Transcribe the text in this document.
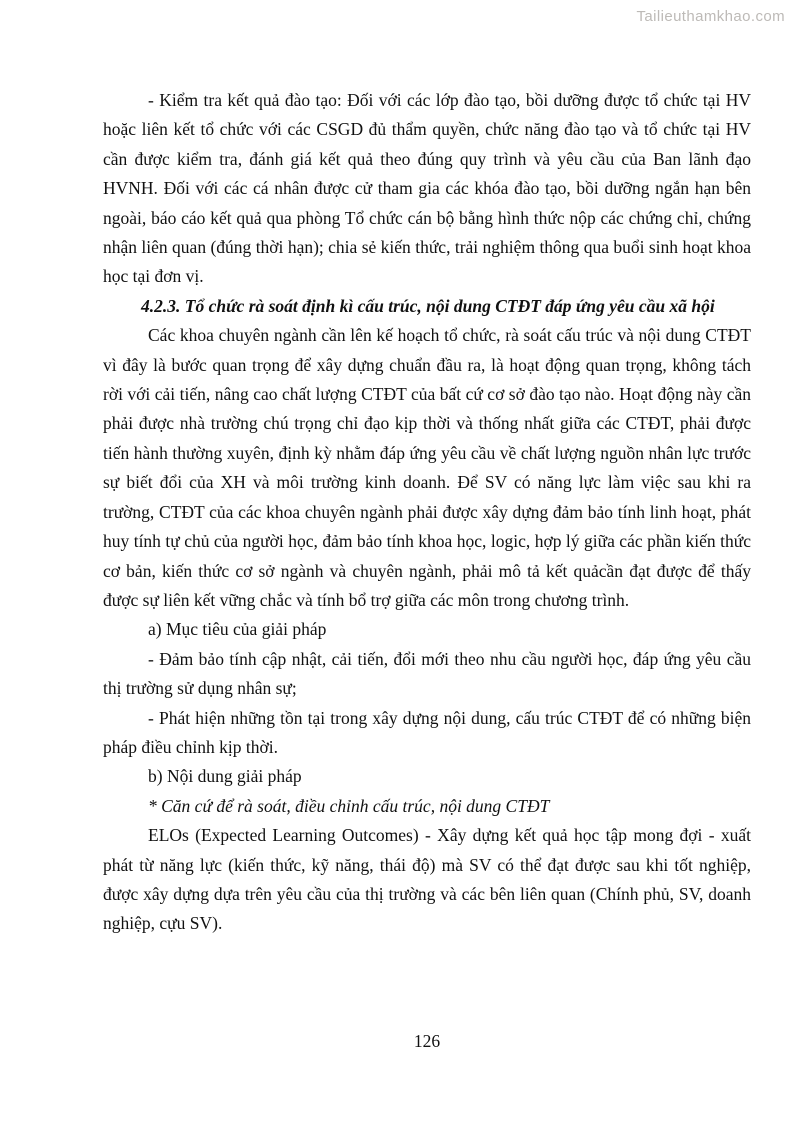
Tailieuthamkhao.com

- Kiểm tra kết quả đào tạo: Đối với các lớp đào tạo, bồi dưỡng được tổ chức tại HV hoặc liên kết tổ chức với các CSGD đủ thẩm quyền, chức năng đào tạo và tổ chức tại HV cần được kiểm tra, đánh giá kết quả theo đúng quy trình và yêu cầu của Ban lãnh đạo HVNH. Đối với các cá nhân được cử tham gia các khóa đào tạo, bồi dưỡng ngắn hạn bên ngoài, báo cáo kết quả qua phòng Tổ chức cán bộ bằng hình thức nộp các chứng chỉ, chứng nhận liên quan (đúng thời hạn); chia sẻ kiến thức, trải nghiệm thông qua buổi sinh hoạt khoa học tại đơn vị.

4.2.3. Tổ chức rà soát định kì cấu trúc, nội dung CTĐT đáp ứng yêu cầu xã hội

Các khoa chuyên ngành cần lên kế hoạch tổ chức, rà soát cấu trúc và nội dung CTĐT vì đây là bước quan trọng để xây dựng chuẩn đầu ra, là hoạt động quan trọng, không tách rời với cải tiến, nâng cao chất lượng CTĐT của bất cứ cơ sở đào tạo nào. Hoạt động này cần phải được nhà trường chú trọng chỉ đạo kịp thời và thống nhất giữa các CTĐT, phải được tiến hành thường xuyên, định kỳ nhằm đáp ứng yêu cầu về chất lượng nguồn nhân lực trước sự biết đổi của XH và môi trường kinh doanh. Để SV có năng lực làm việc sau khi ra trường, CTĐT của các khoa chuyên ngành phải được xây dựng đảm bảo tính linh hoạt, phát huy tính tự chủ của người học, đảm bảo tính khoa học, logic, hợp lý giữa các phần kiến thức cơ bản, kiến thức cơ sở ngành và chuyên ngành, phải mô tả kết quảcần đạt được để thấy được sự liên kết vững chắc và tính bổ trợ giữa các môn trong chương trình.

a) Mục tiêu của giải pháp

- Đảm bảo tính cập nhật, cải tiến, đổi mới theo nhu cầu người học, đáp ứng yêu cầu thị trường sử dụng nhân sự;

- Phát hiện những tồn tại trong xây dựng nội dung, cấu trúc CTĐT để có những biện pháp điều chỉnh kịp thời.

b) Nội dung giải pháp

* Căn cứ để rà soát, điều chỉnh cấu trúc, nội dung CTĐT

ELOs (Expected Learning Outcomes) - Xây dựng kết quả học tập mong đợi - xuất phát từ năng lực (kiến thức, kỹ năng, thái độ) mà SV có thể đạt được sau khi tốt nghiệp, được xây dựng dựa trên yêu cầu của thị trường và các bên liên quan (Chính phủ, SV, doanh nghiệp, cựu SV).

126
